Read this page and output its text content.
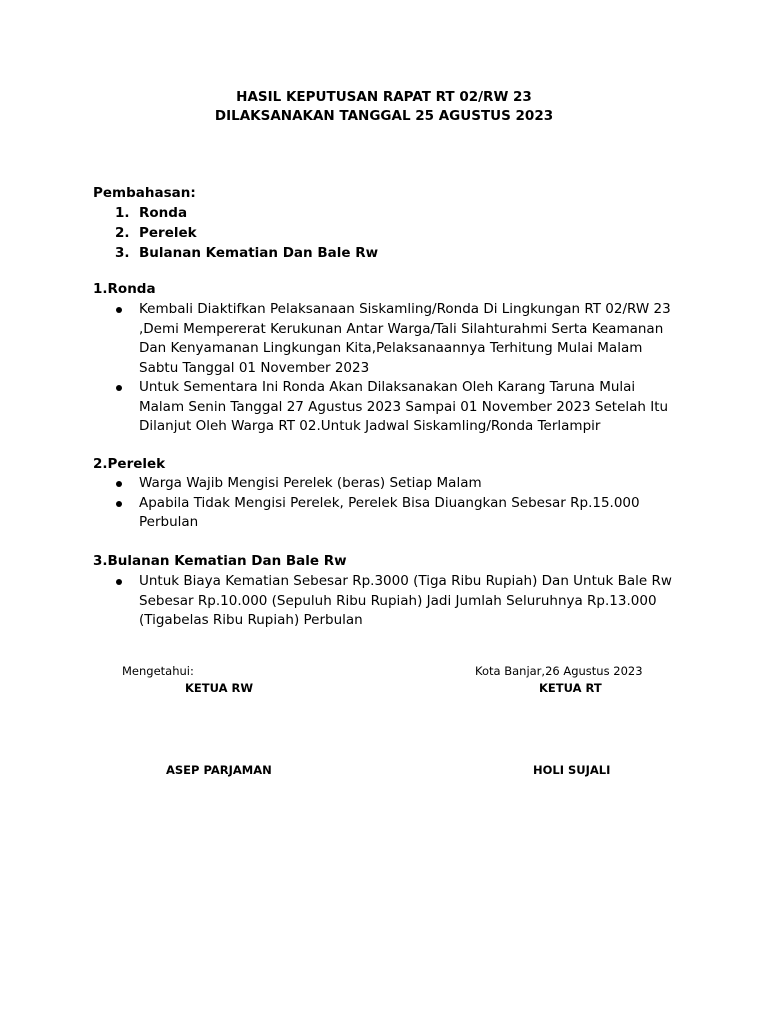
HASIL KEPUTUSAN RAPAT RT 02/RW 23
DILAKSANAKAN TANGGAL 25 AGUSTUS 2023
Pembahasan:
1. Ronda
2. Perelek
3. Bulanan Kematian Dan Bale Rw
1.Ronda
Kembali Diaktifkan Pelaksanaan Siskamling/Ronda Di Lingkungan RT 02/RW 23 ,Demi Mempererat Kerukunan Antar Warga/Tali Silahturahmi Serta Keamanan Dan Kenyamanan Lingkungan Kita,Pelaksanaannya Terhitung Mulai Malam Sabtu Tanggal 01 November 2023
Untuk Sementara Ini Ronda Akan Dilaksanakan Oleh Karang Taruna Mulai Malam Senin Tanggal 27 Agustus 2023 Sampai 01 November 2023 Setelah Itu Dilanjut Oleh Warga RT 02.Untuk Jadwal Siskamling/Ronda Terlampir
2.Perelek
Warga Wajib Mengisi Perelek (beras) Setiap Malam
Apabila Tidak Mengisi Perelek, Perelek Bisa Diuangkan Sebesar Rp.15.000 Perbulan
3.Bulanan Kematian Dan Bale Rw
Untuk Biaya Kematian Sebesar Rp.3000 (Tiga Ribu Rupiah) Dan Untuk Bale Rw Sebesar Rp.10.000 (Sepuluh Ribu Rupiah) Jadi Jumlah Seluruhnya Rp.13.000 (Tigabelas Ribu Rupiah) Perbulan
Mengetahui:
KETUA RW
ASEP PARJAMAN
Kota Banjar,26 Agustus 2023
KETUA RT
HOLI SUJALI
